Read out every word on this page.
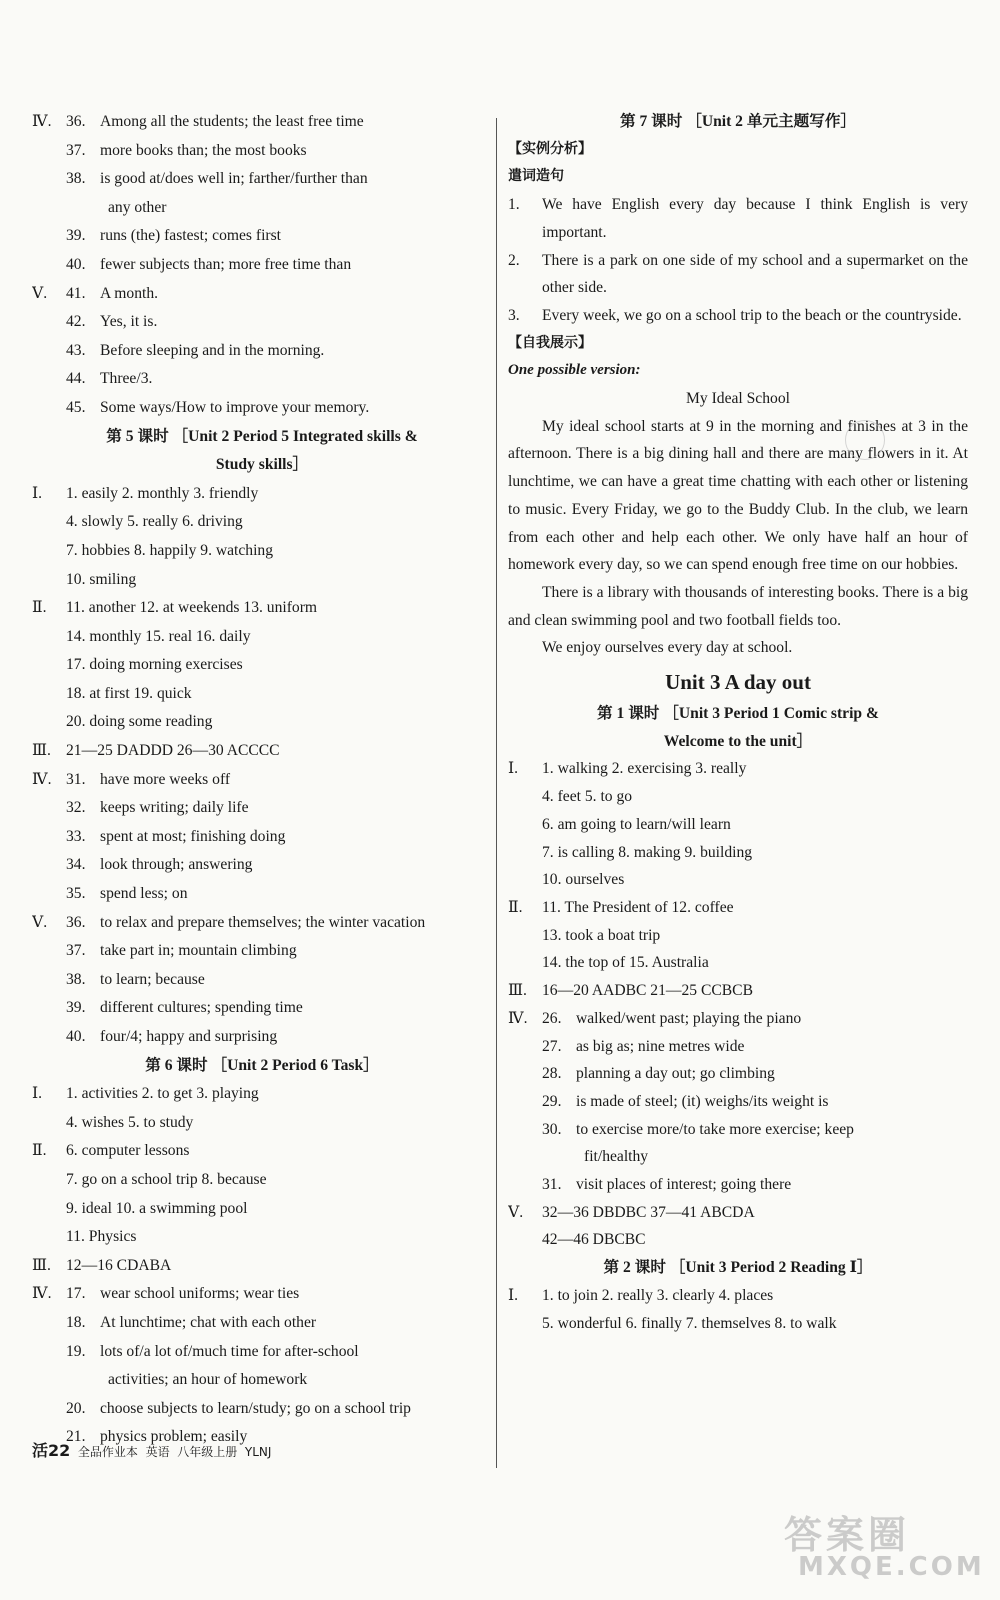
Ⅳ. 36. Among all the students; the least free time
37. more books than; the most books
38. is good at/does well in; farther/further than
any other
39. runs (the) fastest; comes first
40. fewer subjects than; more free time than
Ⅴ. 41. A month.
42. Yes, it is.
43. Before sleeping and in the morning.
44. Three/3.
45. Some ways/How to improve your memory.
第 5 课时 ［Unit 2 Period 5 Integrated skills &
Study skills］
Ⅰ. 1. easily 2. monthly 3. friendly
4. slowly 5. really 6. driving
7. hobbies 8. happily 9. watching
10. smiling
Ⅱ. 11. another 12. at weekends 13. uniform
14. monthly 15. real 16. daily
17. doing morning exercises
18. at first 19. quick
20. doing some reading
Ⅲ. 21—25 DADDD 26—30 ACCCC
Ⅳ. 31. have more weeks off
32. keeps writing; daily life
33. spent at most; finishing doing
34. look through; answering
35. spend less; on
Ⅴ. 36. to relax and prepare themselves; the winter vacation
37. take part in; mountain climbing
38. to learn; because
39. different cultures; spending time
40. four/4; happy and surprising
第 6 课时 ［Unit 2 Period 6 Task］
Ⅰ. 1. activities 2. to get 3. playing
4. wishes 5. to study
Ⅱ. 6. computer lessons
7. go on a school trip 8. because
9. ideal 10. a swimming pool
11. Physics
Ⅲ. 12—16 CDABA
Ⅳ. 17. wear school uniforms; wear ties
18. At lunchtime; chat with each other
19. lots of/a lot of/much time for after-school
activities; an hour of homework
20. choose subjects to learn/study; go on a school trip
21. physics problem; easily
第 7 课时 ［Unit 2 单元主题写作］
【实例分析】
遣词造句
1. We have English every day because I think English is very important.
2. There is a park on one side of my school and a supermarket on the other side.
3. Every week, we go on a school trip to the beach or the countryside.
【自我展示】
One possible version:
My Ideal School
My ideal school starts at 9 in the morning and finishes at 3 in the afternoon. There is a big dining hall and there are many flowers in it. At lunchtime, we can have a great time chatting with each other or listening to music. Every Friday, we go to the Buddy Club. In the club, we learn from each other and help each other. We only have half an hour of homework every day, so we can spend enough free time on our hobbies.
There is a library with thousands of interesting books. There is a big and clean swimming pool and two football fields too.
We enjoy ourselves every day at school.
Unit 3 A day out
第 1 课时 ［Unit 3 Period 1 Comic strip &
Welcome to the unit］
Ⅰ. 1. walking 2. exercising 3. really
4. feet 5. to go
6. am going to learn/will learn
7. is calling 8. making 9. building
10. ourselves
Ⅱ. 11. The President of 12. coffee
13. took a boat trip
14. the top of 15. Australia
Ⅲ. 16—20 AADBC 21—25 CCBCB
Ⅳ. 26. walked/went past; playing the piano
27. as big as; nine metres wide
28. planning a day out; go climbing
29. is made of steel; (it) weighs/its weight is
30. to exercise more/to take more exercise; keep
fit/healthy
31. visit places of interest; going there
Ⅴ. 32—36 DBDBC 37—41 ABCDA
42—46 DBCBC
第 2 课时 ［Unit 3 Period 2 Reading Ⅰ］
Ⅰ. 1. to join 2. really 3. clearly 4. places
5. wonderful 6. finally 7. themselves 8. to walk
活22 全品作业本 英语 八年级上册 YLNJ
答案圈
MXQE.COM
